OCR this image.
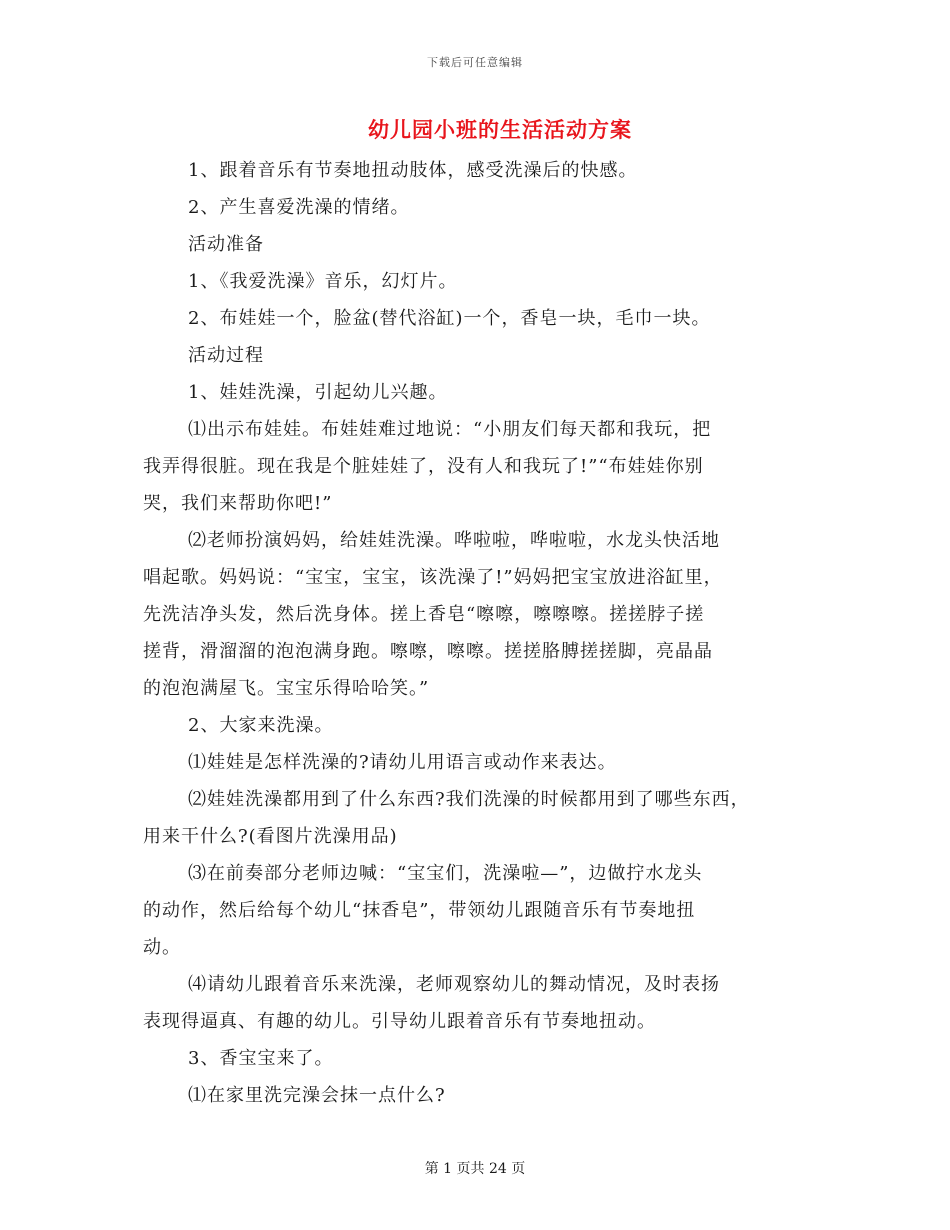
下载后可任意编辑
幼儿园小班的生活活动方案
1、跟着音乐有节奏地扭动肢体，感受洗澡后的快感。
2、产生喜爱洗澡的情绪。
活动准备
1、《我爱洗澡》音乐，幻灯片。
2、布娃娃一个，脸盆(替代浴缸)一个，香皂一块，毛巾一块。
活动过程
1、娃娃洗澡，引起幼儿兴趣。
⑴出示布娃娃。布娃娃难过地说：“小朋友们每天都和我玩，把
我弄得很脏。现在我是个脏娃娃了，没有人和我玩了!”“布娃娃你别
哭，我们来帮助你吧!”
⑵老师扮演妈妈，给娃娃洗澡。哗啦啦，哗啦啦，水龙头快活地
唱起歌。妈妈说：“宝宝，宝宝，该洗澡了!”妈妈把宝宝放进浴缸里，
先洗洁净头发，然后洗身体。搓上香皂“嚓嚓，嚓嚓嚓。搓搓脖子搓
搓背，滑溜溜的泡泡满身跑。嚓嚓，嚓嚓。搓搓胳膊搓搓脚，亮晶晶
的泡泡满屋飞。宝宝乐得哈哈笑。”
2、大家来洗澡。
⑴娃娃是怎样洗澡的?请幼儿用语言或动作来表达。
⑵娃娃洗澡都用到了什么东西?我们洗澡的时候都用到了哪些东西，
用来干什么?(看图片洗澡用品)
⑶在前奏部分老师边喊：“宝宝们，洗澡啦—”，边做拧水龙头
的动作，然后给每个幼儿“抹香皂”，带领幼儿跟随音乐有节奏地扭
动。
⑷请幼儿跟着音乐来洗澡，老师观察幼儿的舞动情况，及时表扬
表现得逼真、有趣的幼儿。引导幼儿跟着音乐有节奏地扭动。
3、香宝宝来了。
⑴在家里洗完澡会抹一点什么?
第 1 页共 24 页
